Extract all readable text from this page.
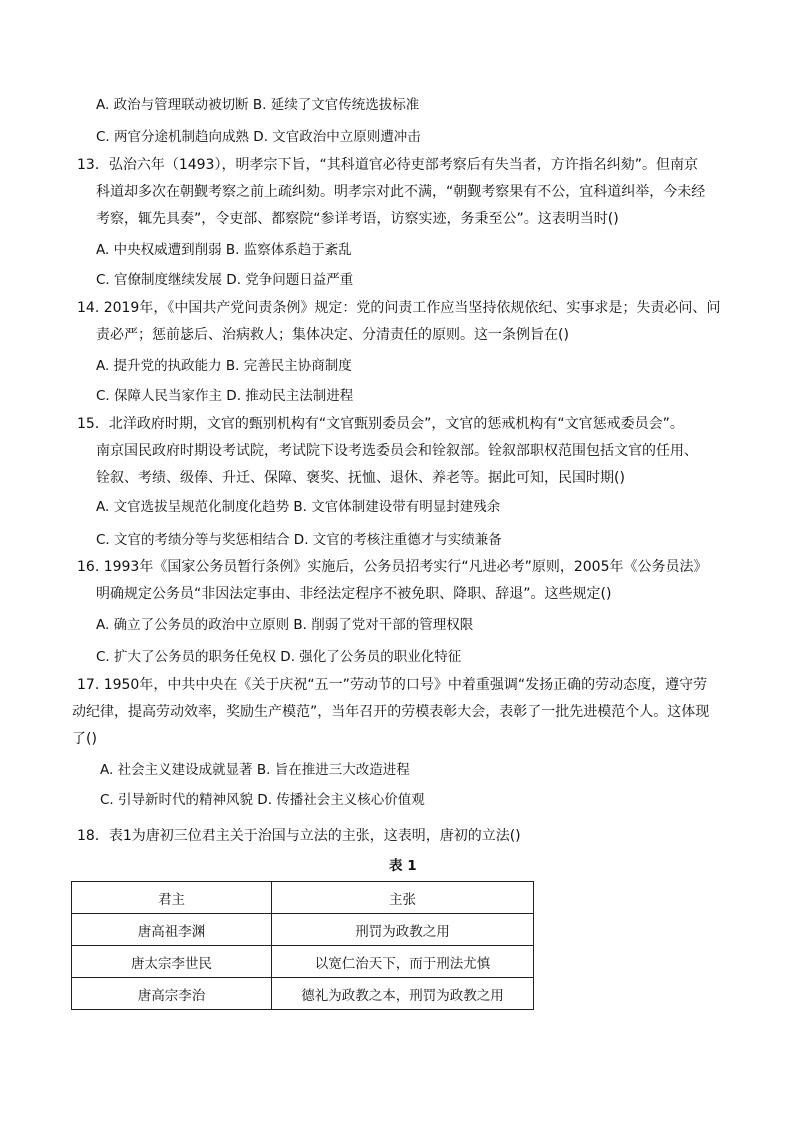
A. 政治与管理联动被切断 B. 延续了文官传统选拔标准
C. 两官分途机制趋向成熟 D. 文官政治中立原则遭冲击
13．弘治六年（1493），明孝宗下旨，“其科道官必待吏部考察后有失当者，方许指名纠劾”。但南京
科道却多次在朝觐考察之前上疏纠劾。明孝宗对此不满，“朝觐考察果有不公，宜科道纠举，今未经
考察，辄先具奏”，令吏部、都察院“参详考语，访察实迹，务秉至公”。这表明当时()
A. 中央权威遭到削弱 B. 监察体系趋于紊乱
C. 官僚制度继续发展 D. 党争问题日益严重
14. 2019年，《中国共产党问责条例》规定：党的问责工作应当坚持依规依纪、实事求是；失责必问、问
责必严；惩前毖后、治病救人；集体决定、分清责任的原则。这一条例旨在()
A. 提升党的执政能力 B. 完善民主协商制度
C. 保障人民当家作主 D. 推动民主法制进程
15．北洋政府时期，文官的甄别机构有“文官甄别委员会”，文官的惩戒机构有“文官惩戒委员会”。
南京国民政府时期设考试院，考试院下设考选委员会和铨叙部。铨叙部职权范围包括文官的任用、
铨叙、考绩、级俸、升迁、保障、褒奖、抚恤、退休、养老等。据此可知，民国时期()
A. 文官选拔呈规范化制度化趋势 B. 文官体制建设带有明显封建残余
C. 文官的考绩分等与奖惩相结合 D. 文官的考核注重德才与实绩兼备
16. 1993年《国家公务员暂行条例》实施后，公务员招考实行“凡进必考”原则，2005年《公务员法》
明确规定公务员“非因法定事由、非经法定程序不被免职、降职、辞退”。这些规定()
A. 确立了公务员的政治中立原则 B. 削弱了党对干部的管理权限
C. 扩大了公务员的职务任免权 D. 强化了公务员的职业化特征
17. 1950年，中共中央在《关于庆祝“五一”劳动节的口号》中着重强调“发扬正确的劳动态度，遵守劳
动纪律，提高劳动效率，奖励生产模范”，当年召开的劳模表彰大会，表彰了一批先进模范个人。这体现
了()
A. 社会主义建设成就显著 B. 旨在推进三大改造进程
C. 引导新时代的精神风貌 D. 传播社会主义核心价值观
18．表1为唐初三位君主关于治国与立法的主张，这表明，唐初的立法()
表 1
君主	主张
唐高祖李渊	刑罚为政教之用
唐太宗李世民	以宽仁治天下，而于刑法尤慎
唐高宗李治	德礼为政教之本，刑罚为政教之用
